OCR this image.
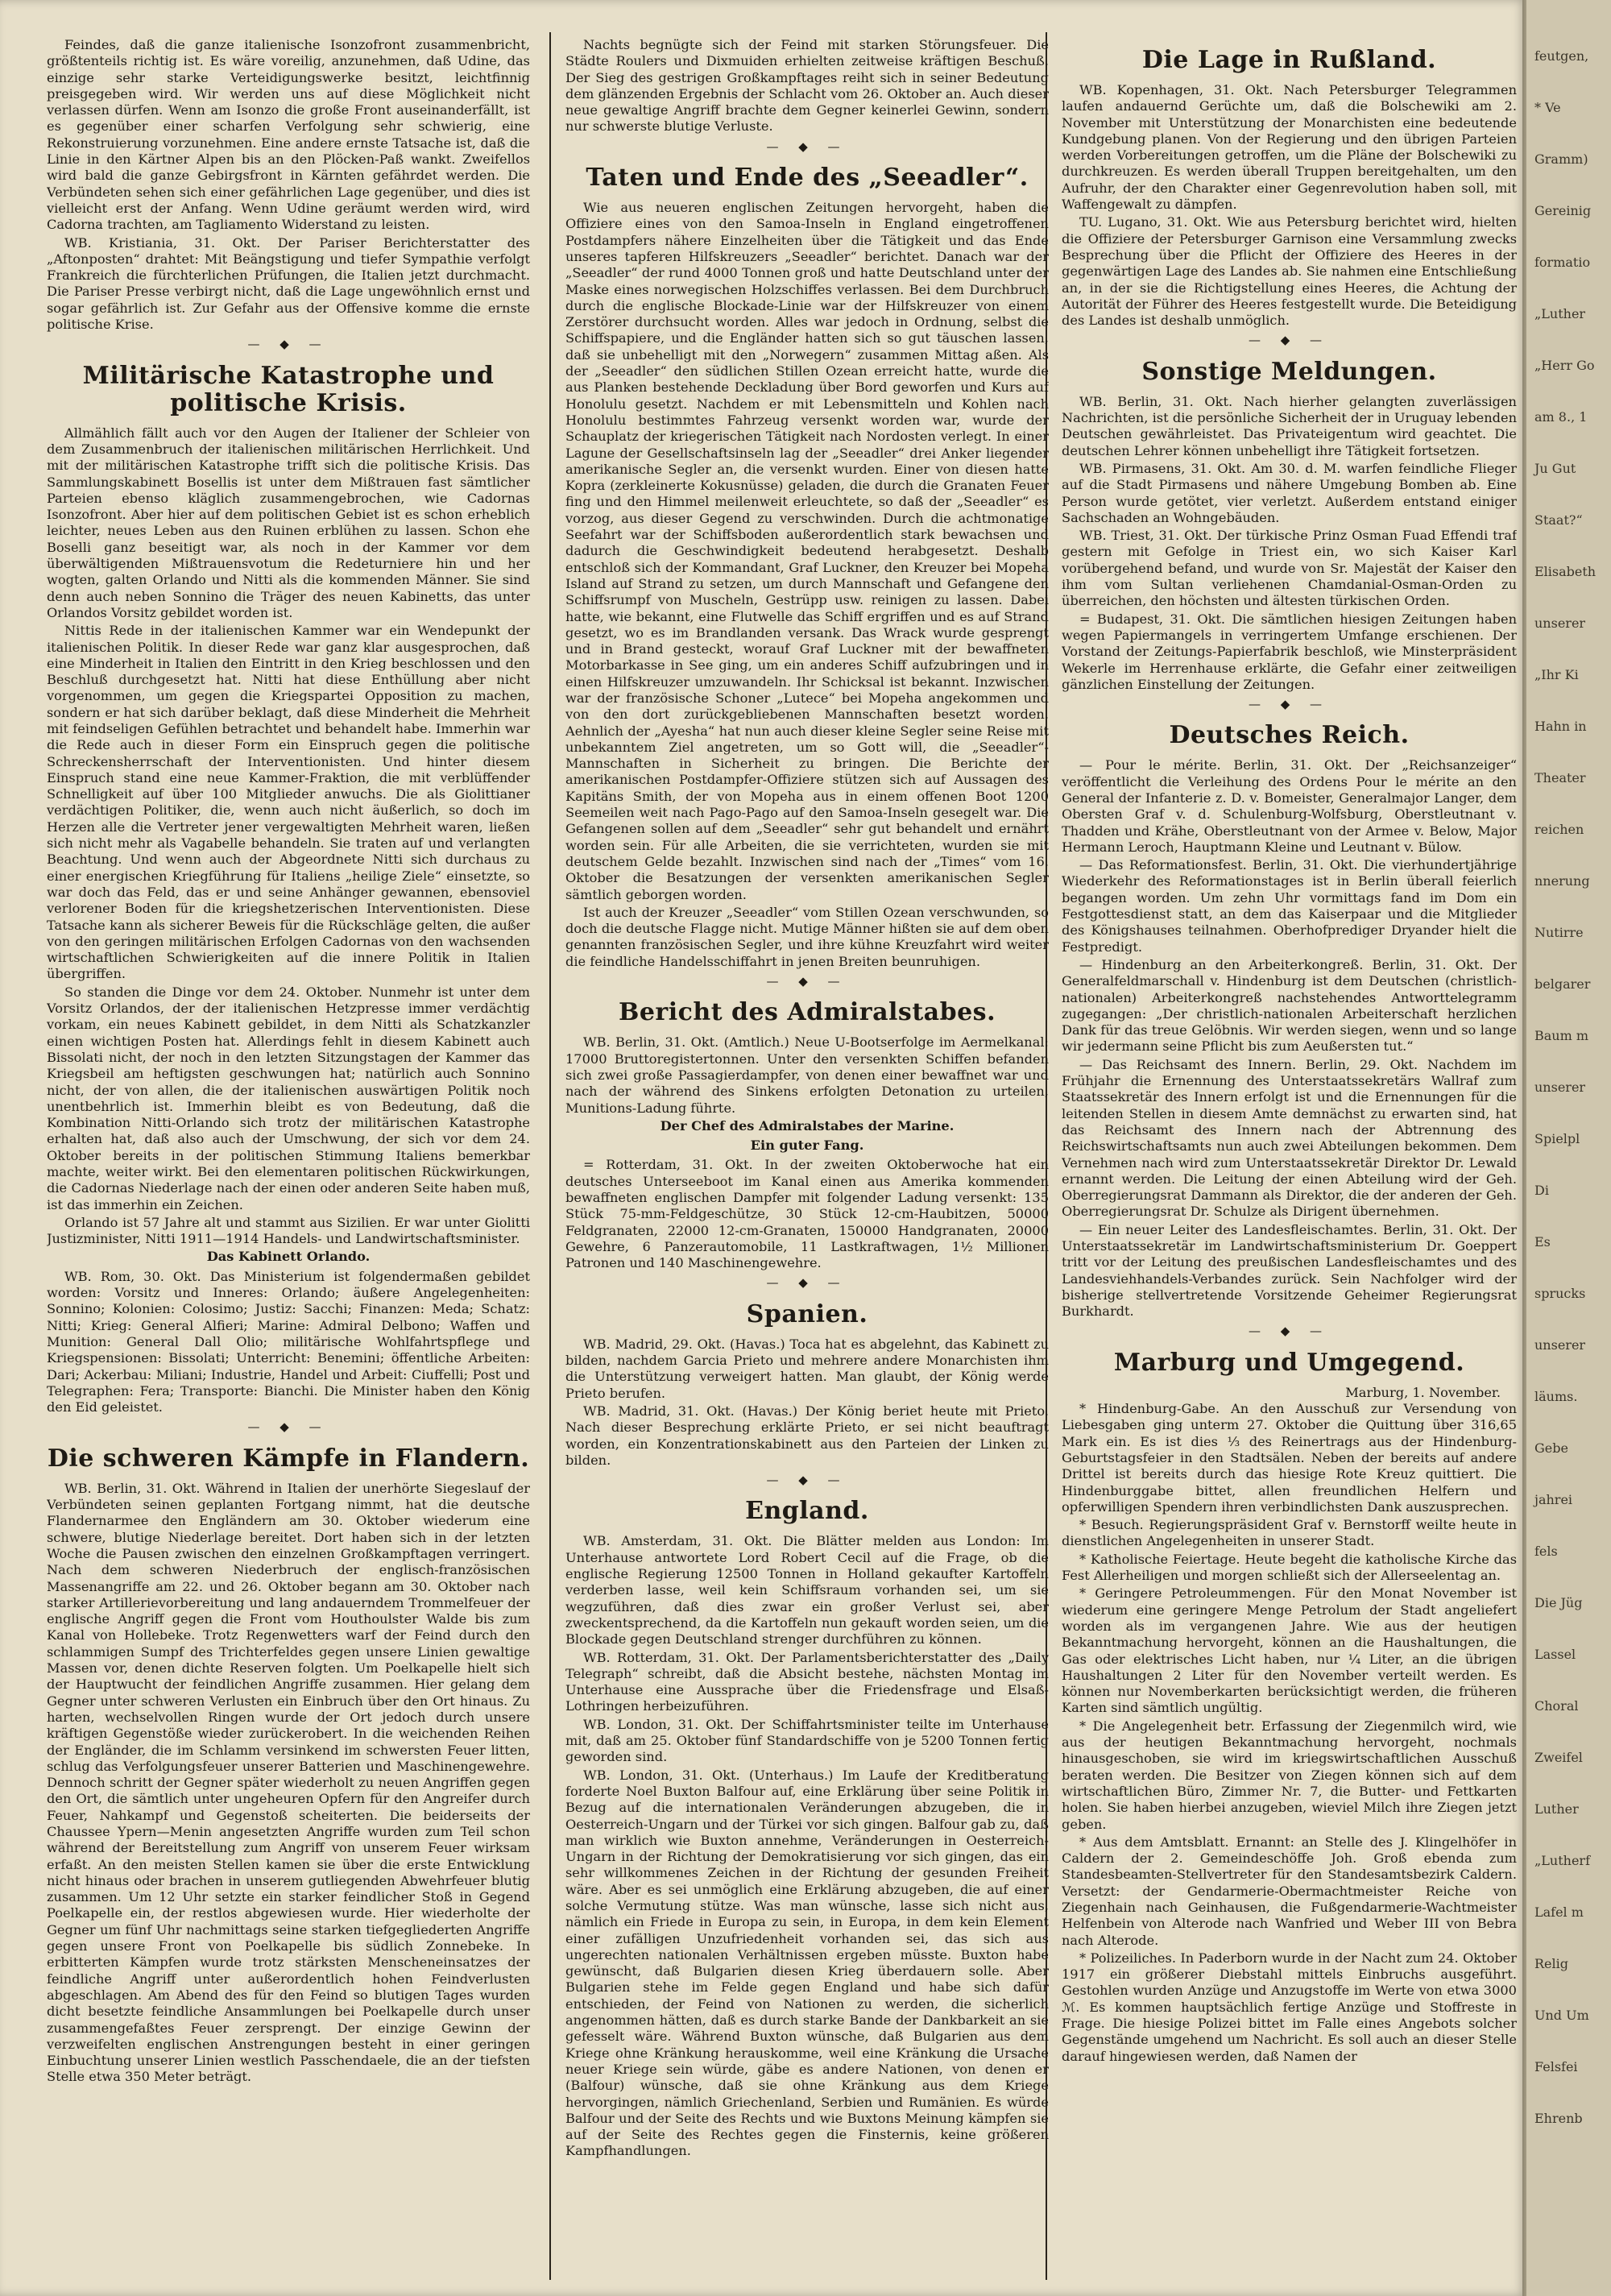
Feindes, daß die ganze italienische Isonzofront zusammenbricht, größtenteils richtig ist. Es wäre voreilig, anzunehmen, daß Udine, das einzige sehr starke Verteidigungswerke besitzt, leichtfinnig preisgegeben wird. Wir werden uns auf diese Möglichkeit nicht verlassen dürfen. Wenn am Isonzo die große Front auseinanderfällt, ist es gegenüber einer scharfen Verfolgung sehr schwierig, eine Rekonstruierung vorzunehmen. Eine andere ernste Tatsache ist, daß die Linie in den Kärtner Alpen bis an den Plöcken-Paß wankt. Zweifellos wird bald die ganze Gebirgsfront in Kärnten gefährdet werden. Die Verbündeten sehen sich einer gefährlichen Lage gegenüber, und dies ist vielleicht erst der Anfang. Wenn Udine geräumt werden wird, wird Cadorna trachten, am Tagliamento Widerstand zu leisten.

WB. Kristiania, 31. Okt. Der Pariser Berichterstatter des „Aftonposten“ drahtet: Mit Beängstigung und tiefer Sympathie verfolgt Frankreich die fürchterlichen Prüfungen, die Italien jetzt durchmacht. Die Pariser Presse verbirgt nicht, daß die Lage ungewöhnlich ernst und sogar gefährlich ist. Zur Gefahr aus der Offensive komme die ernste politische Krise.

— ◆ —
Militärische Katastrophe und politische Krisis.

Allmählich fällt auch vor den Augen der Italiener der Schleier von dem Zusammenbruch der italienischen militärischen Herrlichkeit. Und mit der militärischen Katastrophe trifft sich die politische Krisis. Das Sammlungskabinett Bosellis ist unter dem Mißtrauen fast sämtlicher Parteien ebenso kläglich zusammengebrochen, wie Cadornas Isonzofront. Aber hier auf dem politischen Gebiet ist es schon erheblich leichter, neues Leben aus den Ruinen erblühen zu lassen. Schon ehe Boselli ganz beseitigt war, als noch in der Kammer vor dem überwältigenden Mißtrauensvotum die Redeturniere hin und her wogten, galten Orlando und Nitti als die kommenden Männer. Sie sind denn auch neben Sonnino die Träger des neuen Kabinetts, das unter Orlandos Vorsitz gebildet worden ist.

Nittis Rede in der italienischen Kammer war ein Wendepunkt der italienischen Politik. In dieser Rede war ganz klar ausgesprochen, daß eine Minderheit in Italien den Eintritt in den Krieg beschlossen und den Beschluß durchgesetzt hat. Nitti hat diese Enthüllung aber nicht vorgenommen, um gegen die Kriegspartei Opposition zu machen, sondern er hat sich darüber beklagt, daß diese Minderheit die Mehrheit mit feindseligen Gefühlen betrachtet und behandelt habe. Immerhin war die Rede auch in dieser Form ein Einspruch gegen die politische Schreckensherrschaft der Interventionisten. Und hinter diesem Einspruch stand eine neue Kammer-Fraktion, die mit verblüffender Schnelligkeit auf über 100 Mitglieder anwuchs. Die als Giolittianer verdächtigen Politiker, die, wenn auch nicht äußerlich, so doch im Herzen alle die Vertreter jener vergewaltigten Mehrheit waren, ließen sich nicht mehr als Vagabelle behandeln. Sie traten auf und verlangten Beachtung. Und wenn auch der Abgeordnete Nitti sich durchaus zu einer energischen Kriegführung für Italiens „heilige Ziele“ einsetzte, so war doch das Feld, das er und seine Anhänger gewannen, ebensoviel verlorener Boden für die kriegshetzerischen Interventionisten. Diese Tatsache kann als sicherer Beweis für die Rückschläge gelten, die außer von den geringen militärischen Erfolgen Cadornas von den wachsenden wirtschaftlichen Schwierigkeiten auf die innere Politik in Italien übergriffen.

So standen die Dinge vor dem 24. Oktober. Nunmehr ist unter dem Vorsitz Orlandos, der der italienischen Hetzpresse immer verdächtig vorkam, ein neues Kabinett gebildet, in dem Nitti als Schatzkanzler einen wichtigen Posten hat. Allerdings fehlt in diesem Kabinett auch Bissolati nicht, der noch in den letzten Sitzungstagen der Kammer das Kriegsbeil am heftigsten geschwungen hat; natürlich auch Sonnino nicht, der von allen, die der italienischen auswärtigen Politik noch unentbehrlich ist. Immerhin bleibt es von Bedeutung, daß die Kombination Nitti-Orlando sich trotz der militärischen Katastrophe erhalten hat, daß also auch der Umschwung, der sich vor dem 24. Oktober bereits in der politischen Stimmung Italiens bemerkbar machte, weiter wirkt. Bei den elementaren politischen Rückwirkungen, die Cadornas Niederlage nach der einen oder anderen Seite haben muß, ist das immerhin ein Zeichen.

Orlando ist 57 Jahre alt und stammt aus Sizilien. Er war unter Giolitti Justizminister, Nitti 1911—1914 Handels- und Landwirtschaftsminister.

Das Kabinett Orlando.

WB. Rom, 30. Okt. Das Ministerium ist folgendermaßen gebildet worden: Vorsitz und Inneres: Orlando; äußere Angelegenheiten: Sonnino; Kolonien: Colosimo; Justiz: Sacchi; Finanzen: Meda; Schatz: Nitti; Krieg: General Alfieri; Marine: Admiral Delbono; Waffen und Munition: General Dall Olio; militärische Wohlfahrtspflege und Kriegspensionen: Bissolati; Unterricht: Benemini; öffentliche Arbeiten: Dari; Ackerbau: Miliani; Industrie, Handel und Arbeit: Ciuffelli; Post und Telegraphen: Fera; Transporte: Bianchi. Die Minister haben den König den Eid geleistet.

— ◆ —
Die schweren Kämpfe in Flandern.

WB. Berlin, 31. Okt. Während in Italien der unerhörte Siegeslauf der Verbündeten seinen geplanten Fortgang nimmt, hat die deutsche Flandernarmee den Engländern am 30. Oktober wiederum eine schwere, blutige Niederlage bereitet. Dort haben sich in der letzten Woche die Pausen zwischen den einzelnen Großkampftagen verringert. Nach dem schweren Niederbruch der englisch-französischen Massenangriffe am 22. und 26. Oktober begann am 30. Oktober nach starker Artillerievorbereitung und lang andauerndem Trommelfeuer der englische Angriff gegen die Front vom Houthoulster Walde bis zum Kanal von Hollebeke. Trotz Regenwetters warf der Feind durch den schlammigen Sumpf des Trichterfeldes gegen unsere Linien gewaltige Massen vor, denen dichte Reserven folgten. Um Poelkapelle hielt sich der Hauptwucht der feindlichen Angriffe zusammen. Hier gelang dem Gegner unter schweren Verlusten ein Einbruch über den Ort hinaus. Zu harten, wechselvollen Ringen wurde der Ort jedoch durch unsere kräftigen Gegenstöße wieder zurückerobert. In die weichenden Reihen der Engländer, die im Schlamm versinkend im schwersten Feuer litten, schlug das Verfolgungsfeuer unserer Batterien und Maschinengewehre. Dennoch schritt der Gegner später wiederholt zu neuen Angriffen gegen den Ort, die sämtlich unter ungeheuren Opfern für den Angreifer durch Feuer, Nahkampf und Gegenstoß scheiterten. Die beiderseits der Chaussee Ypern—Menin angesetzten Angriffe wurden zum Teil schon während der Bereitstellung zum Angriff von unserem Feuer wirksam erfaßt. An den meisten Stellen kamen sie über die erste Entwicklung nicht hinaus oder brachen in unserem gutliegenden Abwehrfeuer blutig zusammen. Um 12 Uhr setzte ein starker feindlicher Stoß in Gegend Poelkapelle ein, der restlos abgewiesen wurde. Hier wiederholte der Gegner um fünf Uhr nachmittags seine starken tiefgegliederten Angriffe gegen unsere Front von Poelkapelle bis südlich Zonnebeke. In erbitterten Kämpfen wurde trotz stärksten Menscheneinsatzes der feindliche Angriff unter außerordentlich hohen Feindverlusten abgeschlagen. Am Abend des für den Feind so blutigen Tages wurden dicht besetzte feindliche Ansammlungen bei Poelkapelle durch unser zusammengefaßtes Feuer zersprengt. Der einzige Gewinn der verzweifelten englischen Anstrengungen besteht in einer geringen Einbuchtung unserer Linien westlich Passchendaele, die an der tiefsten Stelle etwa 350 Meter beträgt.

Nachts begnügte sich der Feind mit starken Störungsfeuer. Die Städte Roulers und Dixmuiden erhielten zeitweise kräftigen Beschuß. Der Sieg des gestrigen Großkampftages reiht sich in seiner Bedeutung dem glänzenden Ergebnis der Schlacht vom 26. Oktober an. Auch dieser neue gewaltige Angriff brachte dem Gegner keinerlei Gewinn, sondern nur schwerste blutige Verluste.

— ◆ —
Taten und Ende des „Seeadler“.

Wie aus neueren englischen Zeitungen hervorgeht, haben die Offiziere eines von den Samoa-Inseln in England eingetroffenen Postdampfers nähere Einzelheiten über die Tätigkeit und das Ende unseres tapferen Hilfskreuzers „Seeadler“ berichtet. Danach war der „Seeadler“ der rund 4000 Tonnen groß und hatte Deutschland unter der Maske eines norwegischen Holzschiffes verlassen. Bei dem Durchbruch durch die englische Blockade-Linie war der Hilfskreuzer von einem Zerstörer durchsucht worden. Alles war jedoch in Ordnung, selbst die Schiffspapiere, und die Engländer hatten sich so gut täuschen lassen, daß sie unbehelligt mit den „Norwegern“ zusammen Mittag aßen. Als der „Seeadler“ den südlichen Stillen Ozean erreicht hatte, wurde die aus Planken bestehende Deckladung über Bord geworfen und Kurs auf Honolulu gesetzt. Nachdem er mit Lebensmitteln und Kohlen nach Honolulu bestimmtes Fahrzeug versenkt worden war, wurde der Schauplatz der kriegerischen Tätigkeit nach Nordosten verlegt. In einer Lagune der Gesellschaftsinseln lag der „Seeadler“ drei Anker liegender amerikanische Segler an, die versenkt wurden. Einer von diesen hatte Kopra (zerkleinerte Kokusnüsse) geladen, die durch die Granaten Feuer fing und den Himmel meilenweit erleuchtete, so daß der „Seeadler“ es vorzog, aus dieser Gegend zu verschwinden. Durch die achtmonatige Seefahrt war der Schiffsboden außerordentlich stark bewachsen und dadurch die Geschwindigkeit bedeutend herabgesetzt. Deshalb entschloß sich der Kommandant, Graf Luckner, den Kreuzer bei Mopeha Island auf Strand zu setzen, um durch Mannschaft und Gefangene den Schiffsrumpf von Muscheln, Gestrüpp usw. reinigen zu lassen. Dabei hatte, wie bekannt, eine Flutwelle das Schiff ergriffen und es auf Strand gesetzt, wo es im Brandlanden versank. Das Wrack wurde gesprengt und in Brand gesteckt, worauf Graf Luckner mit der bewaffneten Motorbarkasse in See ging, um ein anderes Schiff aufzubringen und in einen Hilfskreuzer umzuwandeln. Ihr Schicksal ist bekannt. Inzwischen war der französische Schoner „Lutece“ bei Mopeha angekommen und von den dort zurückgebliebenen Mannschaften besetzt worden. Aehnlich der „Ayesha“ hat nun auch dieser kleine Segler seine Reise mit unbekanntem Ziel angetreten, um so Gott will, die „Seeadler“-Mannschaften in Sicherheit zu bringen. Die Berichte der amerikanischen Postdampfer-Offiziere stützen sich auf Aussagen des Kapitäns Smith, der von Mopeha aus in einem offenen Boot 1200 Seemeilen weit nach Pago-Pago auf den Samoa-Inseln gesegelt war. Die Gefangenen sollen auf dem „Seeadler“ sehr gut behandelt und ernährt worden sein. Für alle Arbeiten, die sie verrichteten, wurden sie mit deutschem Gelde bezahlt. Inzwischen sind nach der „Times“ vom 16. Oktober die Besatzungen der versenkten amerikanischen Segler sämtlich geborgen worden.

Ist auch der Kreuzer „Seeadler“ vom Stillen Ozean verschwunden, so doch die deutsche Flagge nicht. Mutige Männer hißten sie auf dem oben genannten französischen Segler, und ihre kühne Kreuzfahrt wird weiter die feindliche Handelsschiffahrt in jenen Breiten beunruhigen.

— ◆ —
Bericht des Admiralstabes.

WB. Berlin, 31. Okt. (Amtlich.) Neue U-Bootserfolge im Aermelkanal: 17000 Bruttoregistertonnen. Unter den versenkten Schiffen befanden sich zwei große Passagierdampfer, von denen einer bewaffnet war und nach der während des Sinkens erfolgten Detonation zu urteilen, Munitions-Ladung führte.

Der Chef des Admiralstabes der Marine.
Ein guter Fang.

= Rotterdam, 31. Okt. In der zweiten Oktoberwoche hat ein deutsches Unterseeboot im Kanal einen aus Amerika kommenden bewaffneten englischen Dampfer mit folgender Ladung versenkt: 135 Stück 75-mm-Feldgeschütze, 30 Stück 12-cm-Haubitzen, 50000 Feldgranaten, 22000 12-cm-Granaten, 150000 Handgranaten, 20000 Gewehre, 6 Panzerautomobile, 11 Lastkraftwagen, 1½ Millionen Patronen und 140 Maschinengewehre.

— ◆ —
Spanien.

WB. Madrid, 29. Okt. (Havas.) Toca hat es abgelehnt, das Kabinett zu bilden, nachdem Garcia Prieto und mehrere andere Monarchisten ihm die Unterstützung verweigert hatten. Man glaubt, der König werde Prieto berufen.

WB. Madrid, 31. Okt. (Havas.) Der König beriet heute mit Prieto. Nach dieser Besprechung erklärte Prieto, er sei nicht beauftragt worden, ein Konzentrationskabinett aus den Parteien der Linken zu bilden.

— ◆ —
England.

WB. Amsterdam, 31. Okt. Die Blätter melden aus London: Im Unterhause antwortete Lord Robert Cecil auf die Frage, ob die englische Regierung 12500 Tonnen in Holland gekaufter Kartoffeln verderben lasse, weil kein Schiffsraum vorhanden sei, um sie wegzuführen, daß dies zwar ein großer Verlust sei, aber zweckentsprechend, da die Kartoffeln nun gekauft worden seien, um die Blockade gegen Deutschland strenger durchführen zu können.

WB. Rotterdam, 31. Okt. Der Parlamentsberichterstatter des „Daily Telegraph“ schreibt, daß die Absicht bestehe, nächsten Montag im Unterhause eine Aussprache über die Friedensfrage und Elsaß-Lothringen herbeizuführen.

WB. London, 31. Okt. Der Schiffahrtsminister teilte im Unterhause mit, daß am 25. Oktober fünf Standardschiffe von je 5200 Tonnen fertig geworden sind.

WB. London, 31. Okt. (Unterhaus.) Im Laufe der Kreditberatung forderte Noel Buxton Balfour auf, eine Erklärung über seine Politik in Bezug auf die internationalen Veränderungen abzugeben, die in Oesterreich-Ungarn und der Türkei vor sich gingen. Balfour gab zu, daß man wirklich wie Buxton annehme, Veränderungen in Oesterreich-Ungarn in der Richtung der Demokratisierung vor sich gingen, das ein sehr willkommenes Zeichen in der Richtung der gesunden Freiheit wäre. Aber es sei unmöglich eine Erklärung abzugeben, die auf einer solche Vermutung stütze. Was man wünsche, lasse sich nicht aus, nämlich ein Friede in Europa zu sein, in Europa, in dem kein Element einer zufälligen Unzufriedenheit vorhanden sei, das sich aus ungerechten nationalen Verhältnissen ergeben müsste. Buxton habe gewünscht, daß Bulgarien diesen Krieg überdauern solle. Aber Bulgarien stehe im Felde gegen England und habe sich dafür entschieden, der Feind von Nationen zu werden, die sicherlich angenommen hätten, daß es durch starke Bande der Dankbarkeit an sie gefesselt wäre. Während Buxton wünsche, daß Bulgarien aus dem Kriege ohne Kränkung herauskomme, weil eine Kränkung die Ursache neuer Kriege sein würde, gäbe es andere Nationen, von denen er (Balfour) wünsche, daß sie ohne Kränkung aus dem Kriege hervorgingen, nämlich Griechenland, Serbien und Rumänien. Es würde Balfour und der Seite des Rechts und wie Buxtons Meinung kämpfen sie auf der Seite des Rechtes gegen die Finsternis, keine größeren Kampfhandlungen.

Die Lage in Rußland.

WB. Kopenhagen, 31. Okt. Nach Petersburger Telegrammen laufen andauernd Gerüchte um, daß die Bolschewiki am 2. November mit Unterstützung der Monarchisten eine bedeutende Kundgebung planen. Von der Regierung und den übrigen Parteien werden Vorbereitungen getroffen, um die Pläne der Bolschewiki zu durchkreuzen. Es werden überall Truppen bereitgehalten, um den Aufruhr, der den Charakter einer Gegenrevolution haben soll, mit Waffengewalt zu dämpfen.

TU. Lugano, 31. Okt. Wie aus Petersburg berichtet wird, hielten die Offiziere der Petersburger Garnison eine Versammlung zwecks Besprechung über die Pflicht der Offiziere des Heeres in der gegenwärtigen Lage des Landes ab. Sie nahmen eine Entschließung an, in der sie die Richtigstellung eines Heeres, die Achtung der Autorität der Führer des Heeres festgestellt wurde. Die Beteidigung des Landes ist deshalb unmöglich.

— ◆ —
Sonstige Meldungen.

WB. Berlin, 31. Okt. Nach hierher gelangten zuverlässigen Nachrichten, ist die persönliche Sicherheit der in Uruguay lebenden Deutschen gewährleistet. Das Privateigentum wird geachtet. Die deutschen Lehrer können unbehelligt ihre Tätigkeit fortsetzen.

WB. Pirmasens, 31. Okt. Am 30. d. M. warfen feindliche Flieger auf die Stadt Pirmasens und nähere Umgebung Bomben ab. Eine Person wurde getötet, vier verletzt. Außerdem entstand einiger Sachschaden an Wohngebäuden.

WB. Triest, 31. Okt. Der türkische Prinz Osman Fuad Effendi traf gestern mit Gefolge in Triest ein, wo sich Kaiser Karl vorübergehend befand, und wurde von Sr. Majestät der Kaiser den ihm vom Sultan verliehenen Chamdanial-Osman-Orden zu überreichen, den höchsten und ältesten türkischen Orden.

= Budapest, 31. Okt. Die sämtlichen hiesigen Zeitungen haben wegen Papiermangels in verringertem Umfange erschienen. Der Vorstand der Zeitungs-Papierfabrik beschloß, wie Minsterpräsident Wekerle im Herrenhause erklärte, die Gefahr einer zeitweiligen gänzlichen Einstellung der Zeitungen.

— ◆ —
Deutsches Reich.

— Pour le mérite. Berlin, 31. Okt. Der „Reichsanzeiger“ veröffentlicht die Verleihung des Ordens Pour le mérite an den General der Infanterie z. D. v. Bomeister, Generalmajor Langer, dem Obersten Graf v. d. Schulenburg-Wolfsburg, Oberstleutnant v. Thadden und Krähe, Oberstleutnant von der Armee v. Below, Major Hermann Leroch, Hauptmann Kleine und Leutnant v. Bülow.

— Das Reformationsfest. Berlin, 31. Okt. Die vierhundertjährige Wiederkehr des Reformationstages ist in Berlin überall feierlich begangen worden. Um zehn Uhr vormittags fand im Dom ein Festgottesdienst statt, an dem das Kaiserpaar und die Mitglieder des Königshauses teilnahmen. Oberhofprediger Dryander hielt die Festpredigt.

— Hindenburg an den Arbeiterkongreß. Berlin, 31. Okt. Der Generalfeldmarschall v. Hindenburg ist dem Deutschen (christlich-nationalen) Arbeiterkongreß nachstehendes Antworttelegramm zugegangen: „Der christlich-nationalen Arbeiterschaft herzlichen Dank für das treue Gelöbnis. Wir werden siegen, wenn und so lange wir jedermann seine Pflicht bis zum Aeußersten tut.“

— Das Reichsamt des Innern. Berlin, 29. Okt. Nachdem im Frühjahr die Ernennung des Unterstaatssekretärs Wallraf zum Staatssekretär des Innern erfolgt ist und die Ernennungen für die leitenden Stellen in diesem Amte demnächst zu erwarten sind, hat das Reichsamt des Innern nach der Abtrennung des Reichswirtschaftsamts nun auch zwei Abteilungen bekommen. Dem Vernehmen nach wird zum Unterstaatssekretär Direktor Dr. Lewald ernannt werden. Die Leitung der einen Abteilung wird der Geh. Oberregierungsrat Dammann als Direktor, die der anderen der Geh. Oberregierungsrat Dr. Schulze als Dirigent übernehmen.

— Ein neuer Leiter des Landesfleischamtes. Berlin, 31. Okt. Der Unterstaatssekretär im Landwirtschaftsministerium Dr. Goeppert tritt vor der Leitung des preußischen Landesfleischamtes und des Landesviehhandels-Verbandes zurück. Sein Nachfolger wird der bisherige stellvertretende Vorsitzende Geheimer Regierungsrat Burkhardt.

— ◆ —
Marburg und Umgegend.
Marburg, 1. November.

* Hindenburg-Gabe. An den Ausschuß zur Versendung von Liebesgaben ging unterm 27. Oktober die Quittung über 316,65 Mark ein. Es ist dies ⅓ des Reinertrags aus der Hindenburg-Geburtstagsfeier in den Stadtsälen. Neben der bereits auf andere Drittel ist bereits durch das hiesige Rote Kreuz quittiert. Die Hindenburggabe bittet, allen freundlichen Helfern und opferwilligen Spendern ihren verbindlichsten Dank auszusprechen.

* Besuch. Regierungspräsident Graf v. Bernstorff weilte heute in dienstlichen Angelegenheiten in unserer Stadt.

* Katholische Feiertage. Heute begeht die katholische Kirche das Fest Allerheiligen und morgen schließt sich der Allerseelentag an.

* Geringere Petroleummengen. Für den Monat November ist wiederum eine geringere Menge Petrolum der Stadt angeliefert worden als im vergangenen Jahre. Wie aus der heutigen Bekanntmachung hervorgeht, können an die Haushaltungen, die Gas oder elektrisches Licht haben, nur ¼ Liter, an die übrigen Haushaltungen 2 Liter für den November verteilt werden. Es können nur Novemberkarten berücksichtigt werden, die früheren Karten sind sämtlich ungültig.

* Die Angelegenheit betr. Erfassung der Ziegenmilch wird, wie aus der heutigen Bekanntmachung hervorgeht, nochmals hinausgeschoben, sie wird im kriegswirtschaftlichen Ausschuß beraten werden. Die Besitzer von Ziegen können sich auf dem wirtschaftlichen Büro, Zimmer Nr. 7, die Butter- und Fettkarten holen. Sie haben hierbei anzugeben, wieviel Milch ihre Ziegen jetzt geben.

* Aus dem Amtsblatt. Ernannt: an Stelle des J. Klingelhöfer in Caldern der 2. Gemeindeschöffe Joh. Groß ebenda zum Standesbeamten-Stellvertreter für den Standesamtsbezirk Caldern. Versetzt: der Gendarmerie-Obermachtmeister Reiche von Ziegenhain nach Geinhausen, die Fußgendarmerie-Wachtmeister Helfenbein von Alterode nach Wanfried und Weber III von Bebra nach Alterode.

* Polizeiliches. In Paderborn wurde in der Nacht zum 24. Oktober 1917 ein größerer Diebstahl mittels Einbruchs ausgeführt. Gestohlen wurden Anzüge und Anzugstoffe im Werte von etwa 3000 ℳ. Es kommen hauptsächlich fertige Anzüge und Stoffreste in Frage. Die hiesige Polizei bittet im Falle eines Angebots solcher Gegenstände umgehend um Nachricht. Es soll auch an dieser Stelle darauf hingewiesen werden, daß Namen der

feutgen,
* Ve
Gramm)
Gereinig
formatio
„Luther
„Herr Go
am 8., 1
Ju Gut
Staat?“
Elisabeth
unserer
„Ihr Ki
Hahn in
Theater
reichen
nnerung
Nutirre
belgarer
Baum m
unserer
Spielpl
Di
Es
sprucks
unserer
läums.
Gebe
jahrei
fels
Die Jüg
Lassel
Choral
Zweifel
Luther
„Lutherf
Lafel m
Relig
Und Um
Felsfei
Ehrenb
